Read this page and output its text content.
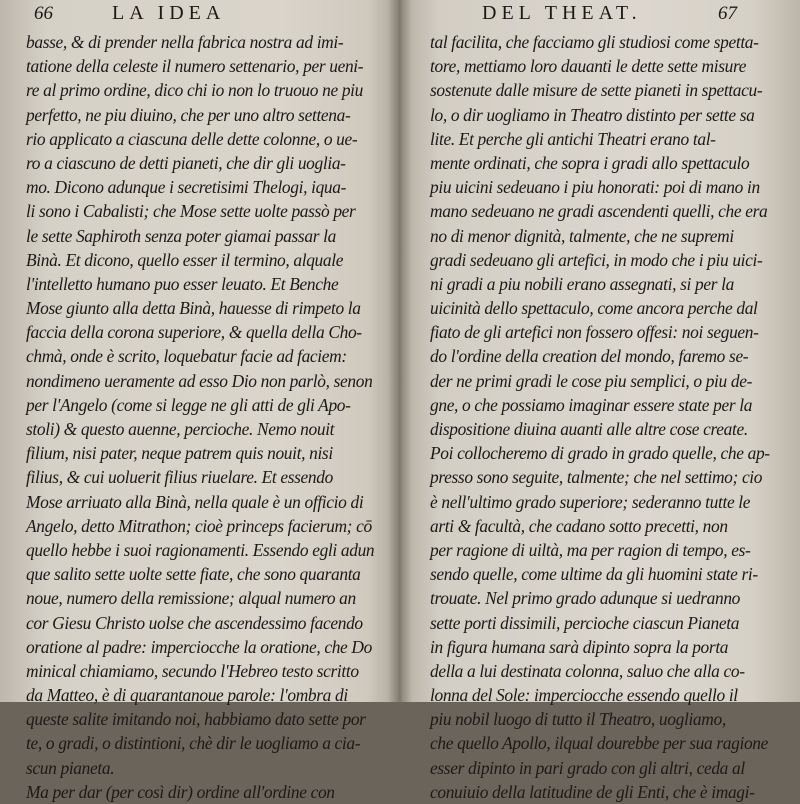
66	LA IDEA
basse, & di prender nella fabrica nostra ad imi-
tatione della celeste il numero settenario, per ueni-
re al primo ordine, dico chi io non lo truouo ne piu
perfetto, ne piu diuino, che per uno altro settena-
rio applicato a ciascuna delle dette colonne, o ue-
ro a ciascuno de detti pianeti, che dir gli uoglia-
mo. Dicono adunque i secretisimi Thelogi, iqua-
li sono i Cabalisti; che Mose sette uolte passò per
le sette Saphiroth senza poter giamai passar la
Binà. Et dicono, quello esser il termino, alquale
l'intelletto humano puo esser leuato. Et Benche
Mose giunto alla detta Binà, hauesse di rimpeto la
faccia della corona superiore, & quella della Cho-
chmà, onde è scrito, loquebatur facie ad faciem:
nondimeno ueramente ad esso Dio non parlò, senon
per l'Angelo (come si legge ne gli atti de gli Apo-
stoli) & questo auenne, percioche. Nemo nouit
filium, nisi pater, neque patrem quis nouit, nisi
filius, & cui uoluerit filius riuelare. Et essendo
Mose arriuato alla Binà, nella quale è un officio di
Angelo, detto Mitrathon; cioè princeps facierum; cō
quello hebbe i suoi ragionamenti. Essendo egli adun
que salito sette uolte sette fiate, che sono quaranta
noue, numero della remissione; alqual numero an
cor Giesu Christo uolse che ascendessimo facendo
oratione al padre: imperciocche la oratione, che Do
minical chiamiamo, secundo l'Hebreo testo scritto
da Matteo, è di quarantanoue parole: l'ombra di
queste salite imitando noi, habbiamo dato sette por
te, o gradi, o distintioni, chè dir le uogliamo a cia-
scun pianeta.
Ma per dar (per così dir) ordine all'ordine con
DEL THEAT.	67
tal facilita, che facciamo gli studiosi come spetta-
tore, mettiamo loro dauanti le dette sette misure
sostenute dalle misure de sette pianeti in spettacu-
lo, o dir uogliamo in Theatro distinto per sette sa
lite. Et perche gli antichi Theatri erano tal-
mente ordinati, che sopra i gradi allo spettaculo
piu uicini sedeuano i piu honorati: poi di mano in
mano sedeuano ne gradi ascendenti quelli, che era
no di menor dignità, talmente, che ne supremi
gradi sedeuano gli artefici, in modo che i piu uici-
ni gradi a piu nobili erano assegnati, si per la
uicinità dello spettaculo, come ancora perche dal
fiato de gli artefici non fossero offesi: noi seguen-
do l'ordine della creation del mondo, faremo se-
der ne primi gradi le cose piu semplici, o piu de-
gne, o che possiamo imaginar essere state per la
dispositione diuina auanti alle altre cose create.
Poi collocheremo di grado in grado quelle, che ap-
presso sono seguite, talmente; che nel settimo; cio
è nell'ultimo grado superiore; sederanno tutte le
arti & facultà, che cadano sotto precetti, non
per ragione di uiltà, ma per ragion di tempo, es-
sendo quelle, come ultime da gli huomini state ri-
trouate. Nel primo grado adunque si uedranno
sette porti dissimili, percioche ciascun Pianeta
in figura humana sarà dipinto sopra la porta
della a lui destinata colonna, saluo che alla co-
lonna del Sole: imperciocche essendo quello il
piu nobil luogo di tutto il Theatro, uogliamo,
che quello Apollo, ilqual dourebbe per sua ragione
esser dipinto in pari grado con gli altri, ceda al
conuiuio della latitudine de gli Enti, che è imagi-
